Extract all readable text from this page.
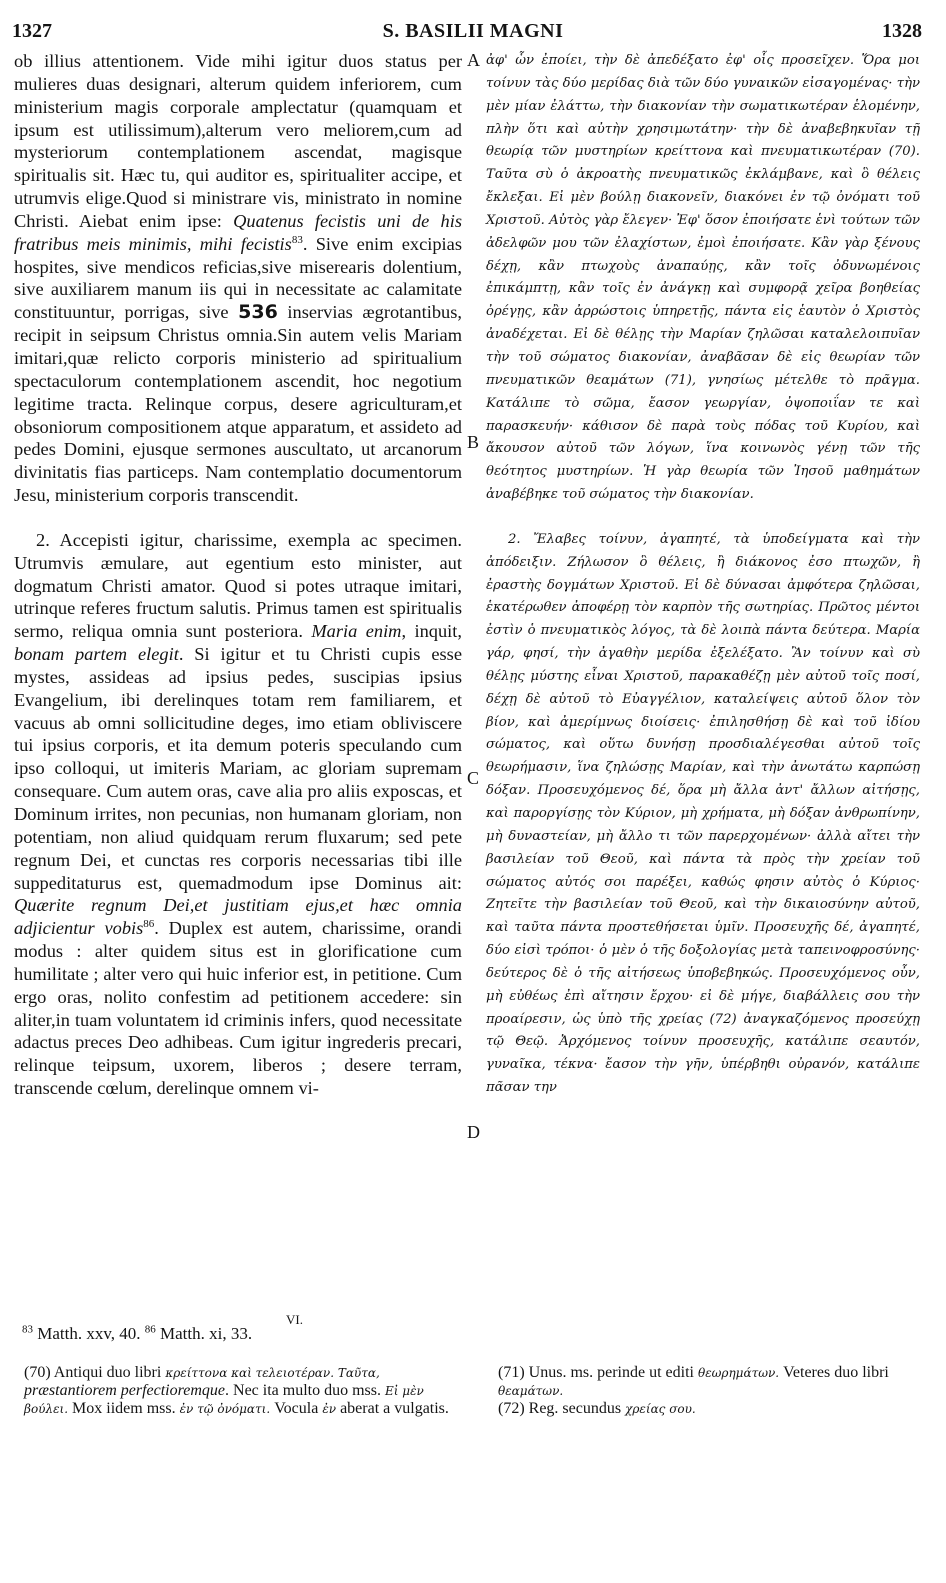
1327	S. BASILII MAGNI	1328

ob illius attentionem. Vide mihi igitur duos status per mulieres duas designari, alterum quidem inferiorem, cum ministerium magis corporale amplectatur (quamquam et ipsum est utilissimum),alterum vero meliorem,cum ad mysteriorum contemplationem ascendat, magisque spiritualis sit. Hæc tu, qui auditor es, spiritualiter accipe, et utrumvis elige.Quod si ministrare vis, ministrato in nomine Christi. Aiebat enim ipse: Quatenus fecistis uni de his fratribus meis minimis, mihi fecistis$^{83}$. Sive enim excipias hospites, sive mendicos reficias,sive miserearis dolentium, sive auxiliarem manum iis qui in necessitate ac calamitate constituuntur, porrigas, sive 536 inservias ægrotantibus, recipit in seipsum Christus omnia.Sin autem velis Mariam imitari,quæ relicto corporis ministerio ad spiritualium spectaculorum contemplationem ascendit, hoc negotium legitime tracta. Relinque corpus, desere agriculturam,et obsoniorum compositionem atque apparatum, et assideto ad pedes Domini, ejusque sermones auscultato, ut arcanorum divinitatis fias particeps. Nam contemplatio documentorum Jesu, ministerium corporis transcendit.

2. Accepisti igitur, charissime, exempla ac specimen. Utrumvis æmulare, aut egentium esto minister, aut dogmatum Christi amator. Quod si potes utraque imitari, utrinque referes fructum salutis. Primus tamen est spiritualis sermo, reliqua omnia sunt posteriora. Maria enim, inquit, bonam partem elegit. Si igitur et tu Christi cupis esse mystes, assideas ad ipsius pedes, suscipias ipsius Evangelium, ibi derelinques totam rem familiarem, et vacuus ab omni sollicitudine deges, imo etiam obliviscere tui ipsius corporis, et ita demum poteris speculando cum ipso colloqui, ut imiteris Mariam, ac gloriam supremam consequare. Cum autem oras, cave alia pro aliis exposcas, et Dominum irrites, non pecunias, non humanam gloriam, non potentiam, non aliud quidquam rerum fluxarum; sed pete regnum Dei, et cunctas res corporis necessarias tibi ille suppeditaturus est, quemadmodum ipse Dominus ait: Quærite regnum Dei,et justitiam ejus,et hæc omnia adjicientur vobis$^{86}$. Duplex est autem, charissime, orandi modus : alter quidem situs est in glorificatione cum humilitate ; alter vero qui huic inferior est, in petitione. Cum ergo oras, nolito confestim ad petitionem accedere: sin aliter,in tuam voluntatem id criminis infers, quod necessitate adactus preces Deo adhibeas. Cum igitur ingrederis precari, relinque teipsum, uxorem, liberos ; desere terram, transcende cœlum, derelinque omnem vi-

A
B
C
D

ἀφ' ὧν ἐποίει, τὴν δὲ ἀπεδέξατο ἐφ' οἷς προσεῖχεν. Ὅρα μοι τοίνυν τὰς δύο μερίδας διὰ τῶν δύο γυναικῶν εἰσαγομένας· τὴν μὲν μίαν ἐλάττω, τὴν διακονίαν τὴν σωματικωτέραν ἑλομένην, πλὴν ὅτι καὶ αὐτὴν χρησιμωτάτην· τὴν δὲ ἀναβεβηκυῖαν τῇ θεωρίᾳ τῶν μυστηρίων κρείττονα καὶ πνευματικωτέραν (70). Ταῦτα σὺ ὁ ἀκροατὴς πνευματικῶς ἐκλάμβανε, καὶ ὃ θέλεις ἔκλεξαι. Εἰ μὲν βούλῃ διακονεῖν, διακόνει ἐν τῷ ὀνόματι τοῦ Χριστοῦ. Αὐτὸς γὰρ ἔλεγεν· Ἐφ' ὅσον ἐποιήσατε ἑνὶ τούτων τῶν ἀδελφῶν μου τῶν ἐλαχίστων, ἐμοὶ ἐποιήσατε. Κἂν γὰρ ξένους δέχῃ, κἂν πτωχοὺς ἀναπαύῃς, κἂν τοῖς ὀδυνωμένοις ἐπικάμπτῃ, κἂν τοῖς ἐν ἀνάγκῃ καὶ συμφορᾷ χεῖρα βοηθείας ὀρέγῃς, κἂν ἀρρώστοις ὑπηρετῇς, πάντα εἰς ἑαυτὸν ὁ Χριστὸς ἀναδέχεται. Εἰ δὲ θέλῃς τὴν Μαρίαν ζηλῶσαι καταλελοιπυῖαν τὴν τοῦ σώματος διακονίαν, ἀναβᾶσαν δὲ εἰς θεωρίαν τῶν πνευματικῶν θεαμάτων (71), γνησίως μέτελθε τὸ πρᾶγμα. Κατάλιπε τὸ σῶμα, ἔασον γεωργίαν, ὀψοποιΐαν τε καὶ παρασκευήν· κάθισον δὲ παρὰ τοὺς πόδας τοῦ Κυρίου, καὶ ἄκουσον αὐτοῦ τῶν λόγων, ἵνα κοινωνὸς γένῃ τῶν τῆς θεότητος μυστηρίων. Ἡ γὰρ θεωρία τῶν Ἰησοῦ μαθημάτων ἀναβέβηκε τοῦ σώματος τὴν διακονίαν.

2. Ἔλαβες τοίνυν, ἀγαπητέ, τὰ ὑποδείγματα καὶ τὴν ἀπόδειξιν. Ζήλωσον ὃ θέλεις, ἢ διάκονος ἐσο πτωχῶν, ἢ ἐραστὴς δογμάτων Χριστοῦ. Εἰ δὲ δύνασαι ἀμφότερα ζηλῶσαι, ἑκατέρωθεν ἀποφέρῃ τὸν καρπὸν τῆς σωτηρίας. Πρῶτος μέντοι ἐστὶν ὁ πνευματικὸς λόγος, τὰ δὲ λοιπὰ πάντα δεύτερα. Μαρία γάρ, φησί, τὴν ἀγαθὴν μερίδα ἐξελέξατο. Ἂν τοίνυν καὶ σὺ θέλῃς μύστης εἶναι Χριστοῦ, παρακαθέζῃ μὲν αὐτοῦ τοῖς ποσί, δέχῃ δὲ αὐτοῦ τὸ Εὐαγγέλιον, καταλείψεις αὐτοῦ ὅλον τὸν βίον, καὶ ἀμερίμνως διοίσεις· ἐπιλησθήσῃ δὲ καὶ τοῦ ἰδίου σώματος, καὶ οὕτω δυνήσῃ προσδιαλέγεσθαι αὐτοῦ τοῖς θεωρήμασιν, ἵνα ζηλώσῃς Μαρίαν, καὶ τὴν ἀνωτάτω καρπώσῃ δόξαν. Προσευχόμενος δέ, ὅρα μὴ ἄλλα ἀντ' ἄλλων αἰτήσῃς, καὶ παροργίσῃς τὸν Κύριον, μὴ χρήματα, μὴ δόξαν ἀνθρωπίνην, μὴ δυναστείαν, μὴ ἄλλο τι τῶν παρερχομένων· ἀλλὰ αἴτει τὴν βασιλείαν τοῦ Θεοῦ, καὶ πάντα τὰ πρὸς τὴν χρείαν τοῦ σώματος αὐτός σοι παρέξει, καθώς φησιν αὐτὸς ὁ Κύριος· Ζητεῖτε τὴν βασιλείαν τοῦ Θεοῦ, καὶ τὴν δικαιοσύνην αὐτοῦ, καὶ ταῦτα πάντα προστεθήσεται ὑμῖν. Προσευχῆς δέ, ἀγαπητέ, δύο εἰσὶ τρόποι· ὁ μὲν ὁ τῆς δοξολογίας μετὰ ταπεινοφροσύνης· δεύτερος δὲ ὁ τῆς αἰτήσεως ὑποβεβηκώς. Προσευχόμενος οὖν, μὴ εὐθέως ἐπὶ αἴτησιν ἔρχου· εἰ δὲ μήγε, διαβάλλεις σου τὴν προαίρεσιν, ὡς ὑπὸ τῆς χρείας (72) ἀναγκαζόμενος προσεύχῃ τῷ Θεῷ. Ἀρχόμενος τοίνυν προσευχῆς, κατάλιπε σεαυτόν, γυναῖκα, τέκνα· ἔασον τὴν γῆν, ὑπέρβηθι οὐρανόν, κατάλιπε πᾶσαν την

VI.
$^{83}$ Matth. xxv, 40. $^{86}$ Matth. xi, 33.

(70) Antiqui duo libri κρείττονα καὶ τελειοτέραν. Ταῦτα, præstantiorem perfectioremque. Nec ita multo duo mss. Εἰ μὲν βούλει. Mox iidem mss. ἐν τῷ ὀνόματι. Vocula ἐν aberat a vulgatis.

(71) Unus. ms. perinde ut editi θεωρημάτων. Veteres duo libri θεαμάτων.

(72) Reg. secundus χρείας σου.
